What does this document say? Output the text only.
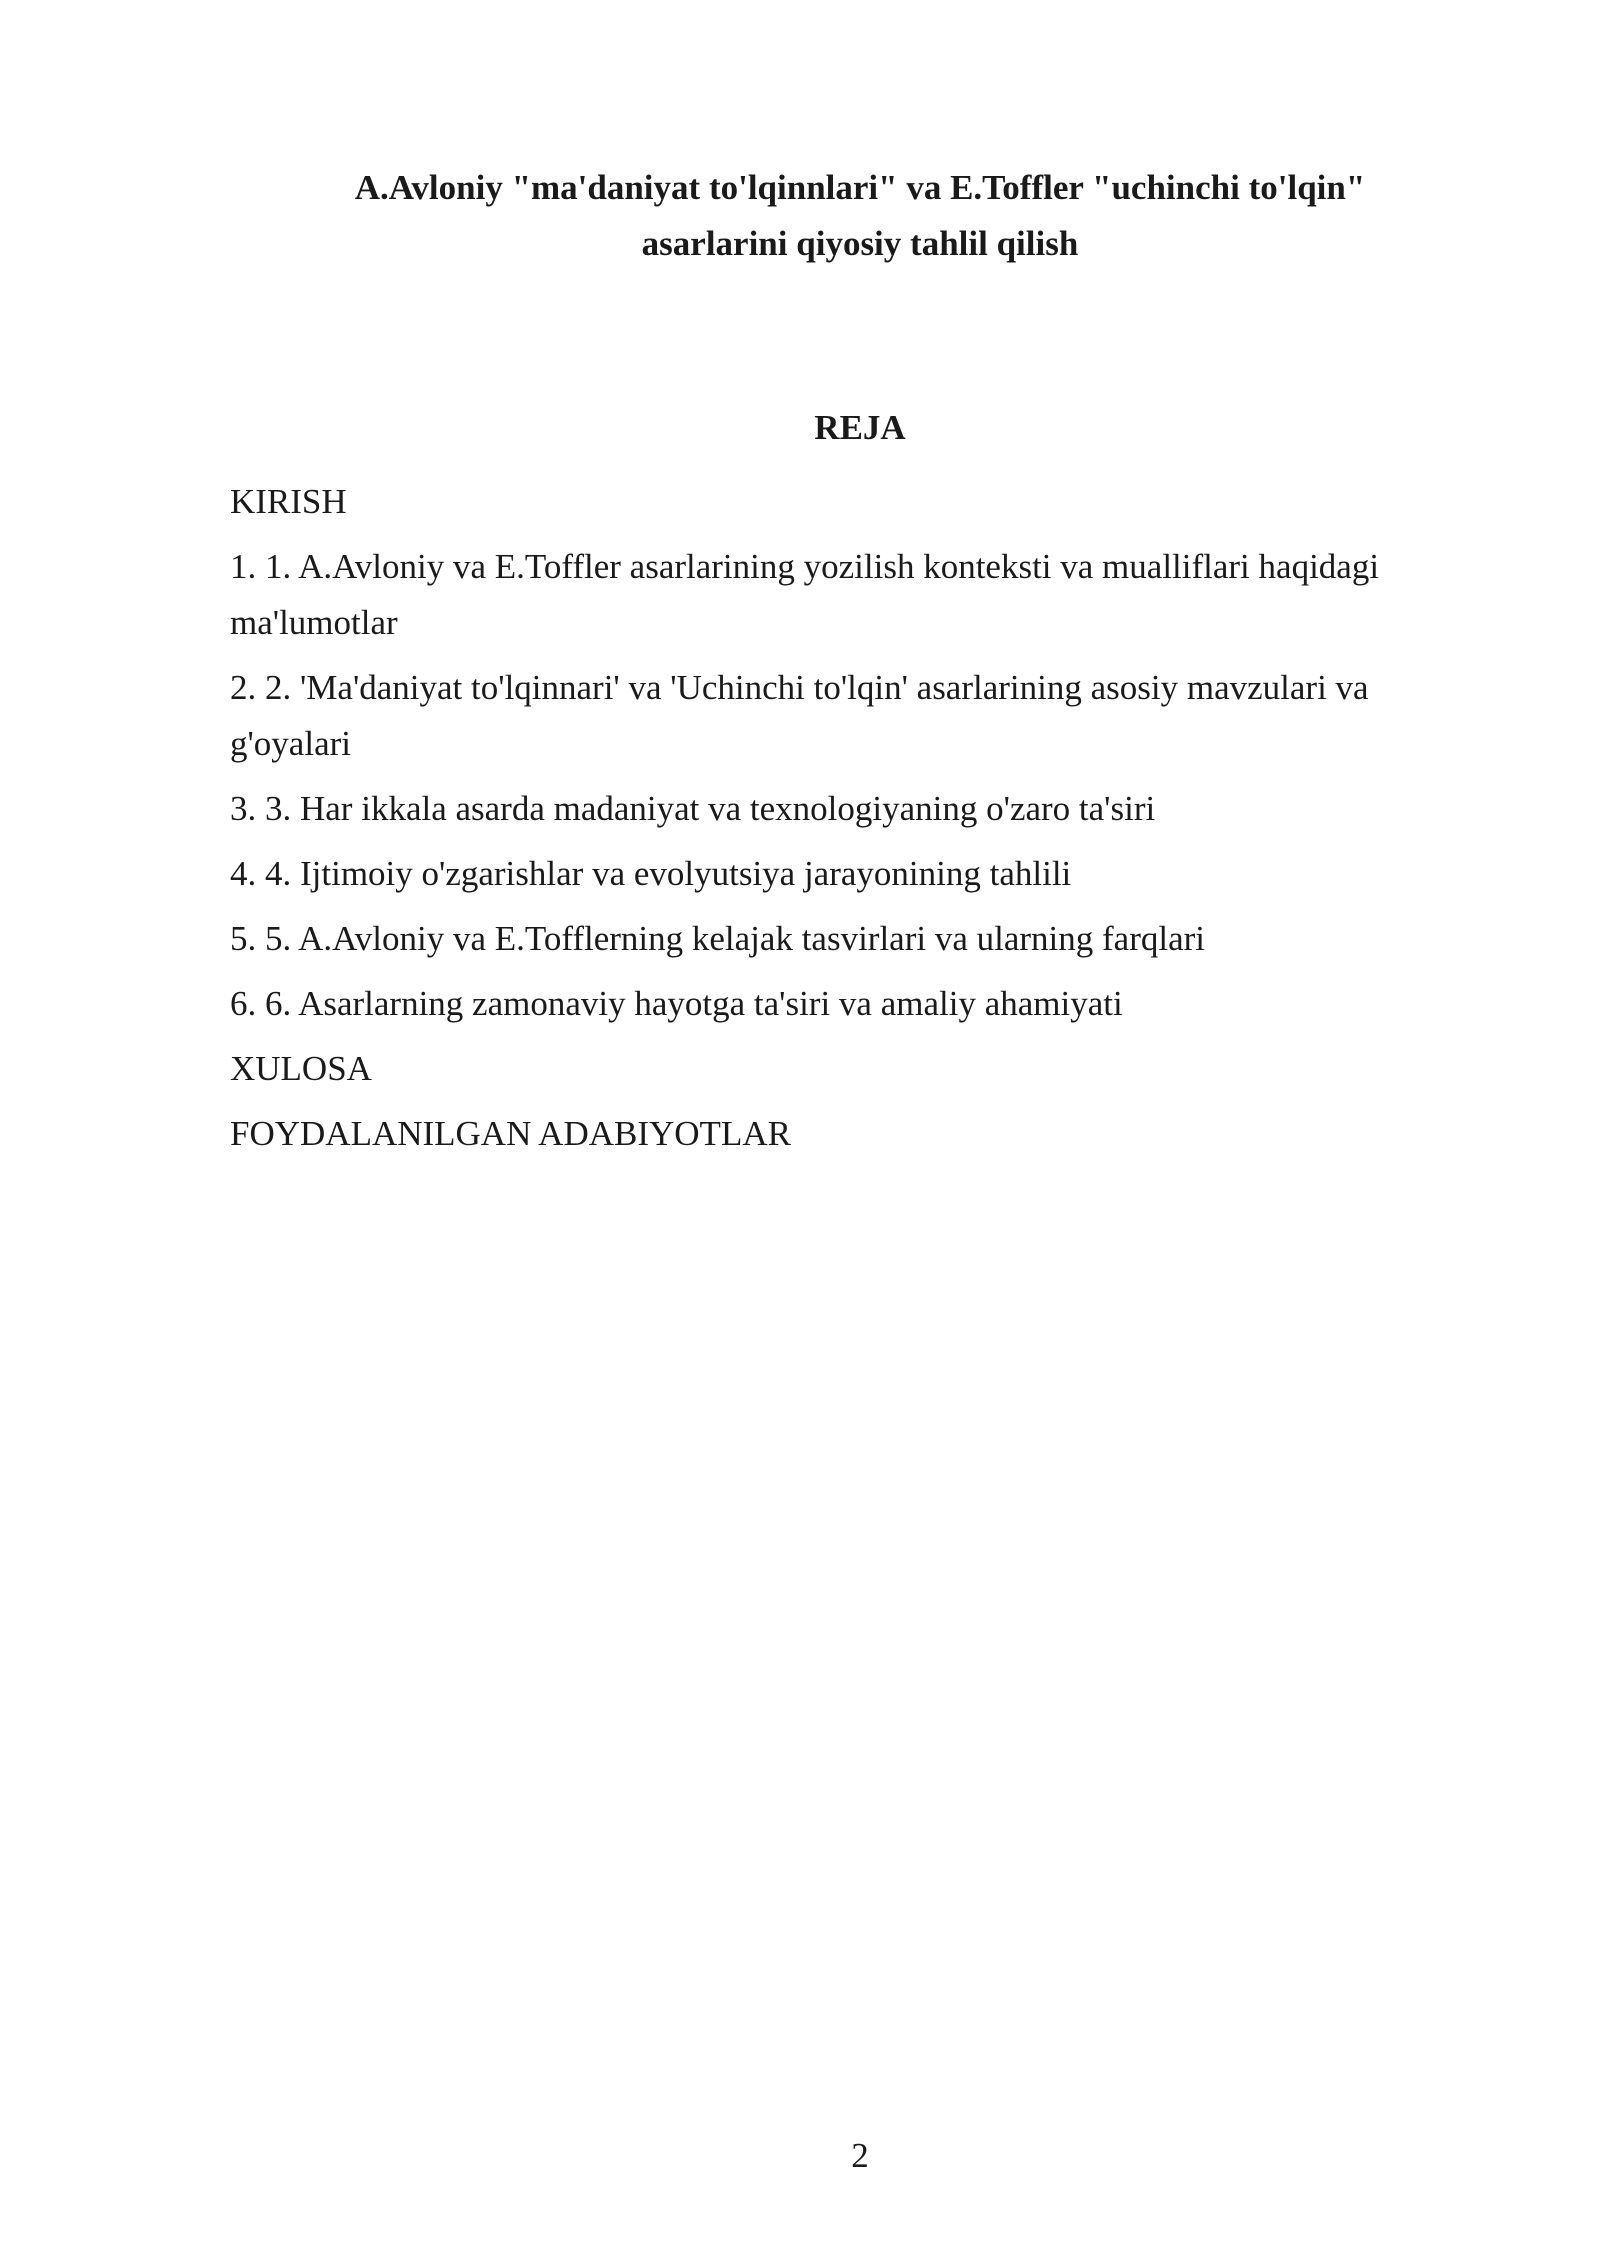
A.Avloniy "ma'daniyat to'lqinnlari" va E.Toffler "uchinchi to'lqin"
asarlarini qiyosiy tahlil qilish
REJA
KIRISH
1. 1. A.Avloniy va E.Toffler asarlarining yozilish konteksti va mualliflari haqidagi ma'lumotlar
2. 2. 'Ma'daniyat to'lqinnari' va 'Uchinchi to'lqin' asarlarining asosiy mavzulari va g'oyalari
3. 3. Har ikkala asarda madaniyat va texnologiyaning o'zaro ta'siri
4. 4. Ijtimoiy o'zgarishlar va evolyutsiya jarayonining tahlili
5. 5. A.Avloniy va E.Tofflerning kelajak tasvirlari va ularning farqlari
6. 6. Asarlarning zamonaviy hayotga ta'siri va amaliy ahamiyati
XULOSA
FOYDALANILGAN ADABIYOTLAR
2
